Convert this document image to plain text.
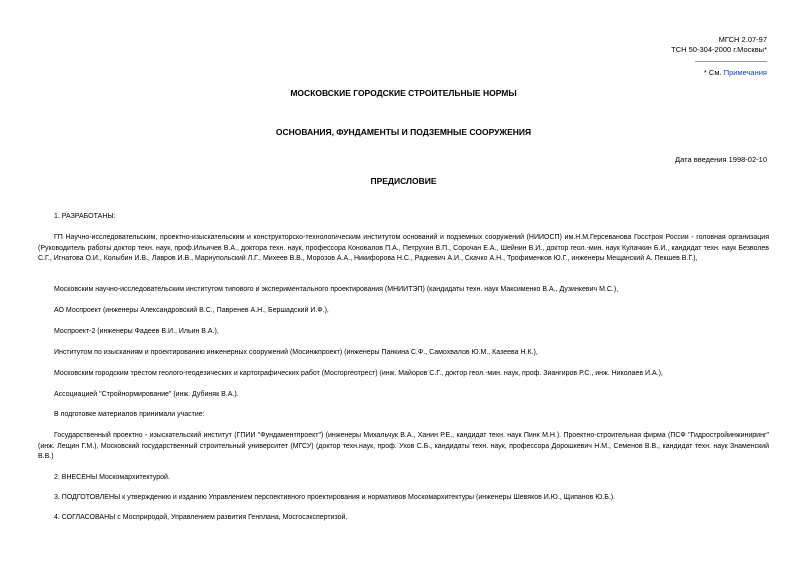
МГСН 2.07-97
ТСН 50-304-2000 г.Москвы*
* См. Примечания
МОСКОВСКИЕ ГОРОДСКИЕ СТРОИТЕЛЬНЫЕ НОРМЫ
ОСНОВАНИЯ, ФУНДАМЕНТЫ И ПОДЗЕМНЫЕ СООРУЖЕНИЯ
Дата введения 1998-02-10
ПРЕДИСЛОВИЕ

1. РАЗРАБОТАНЫ:

ГП Научно-исследовательским, проектно-изыскательским и конструкторско-технологическим институтом оснований и подземных сооружений (НИИОСП) им.Н.М.Герсеванова Госстроя России - головная организация (Руководитель работы доктор техн. наук, проф.Ильичев В.А., доктора техн. наук, профессора Коновалов П.А., Петрухин В.П., Сорочан Е.А., Шейнин В.И., доктор геол.-мин. наук Кулачкин Б.И., кандидат техн. наук Безволев С.Г., Игнатова О.И., Колыбин И.В., Лавров И.В., Марнупольский Л.Г., Михеев В.В., Морозов А.А., Никифорова Н.С., Радкевич А.И., Скачко А.Н., Трофименков Ю.Г., инженеры Мещанский А. Пекшев В.Г.),

Московским научно-исследовательским институтом типового и экспериментального проектирования (МНИИТЭП) (кандидаты техн. наук Максименко В.А., Дузинкевич М.С.),

АО Моспроект (инженеры Александровский В.С., Павренев А.Н., Бершадский И.Ф.),

Моспроект-2 (инженеры Фадеев В.И., Ильин В.А.),

Институтом по изысканиям и проектированию инженерных сооружений (Мосинжпроект) (инженеры Панкина С.Ф., Самохвалов Ю.М., Казеева Н.К.),

Московским городским трестом геолого-геодезических и картографических работ (Мосгоргеотрест) (инж. Майоров С.Г., доктор геол.-мин. наук, проф. Зиангиров Р.С., инж. Николаев И.А.),

Ассоциацией "Стройнормирование" (инж. Дубиняк В.А.).

В подготовке материалов принимали участие:

Государственный проектно - изыскательский институт (ГПИИ "Фундаментпроект") (инженеры Михальчук В.А., Ханин Р.Е., кандидат техн. наук Пинк М.Н.). Проектно-строительная фирма (ПСФ "Гидростройинжиниринг" (инж. Лещин Г.М.), Московский государственный строительный университет (МГСУ) (доктор техн.наук, проф. Ухов С.Б., кандидаты техн. наук, профессора Дорошкевич Н.М., Семенов В.В., кандидат техн. наук Знаменский В.В.)

2. ВНЕСЕНЫ Москомархитектурой.

3. ПОДГОТОВЛЕНЫ к утверждению и изданию Управлением перспективного проектирования и нормативов Москомархитектуры (инженеры Шевяков И.Ю., Щипанов Ю.Б.).

4. СОГЛАСОВАНЫ с Мосприродой, Управлением развития Генплана, Мосгосэкспертизой.
